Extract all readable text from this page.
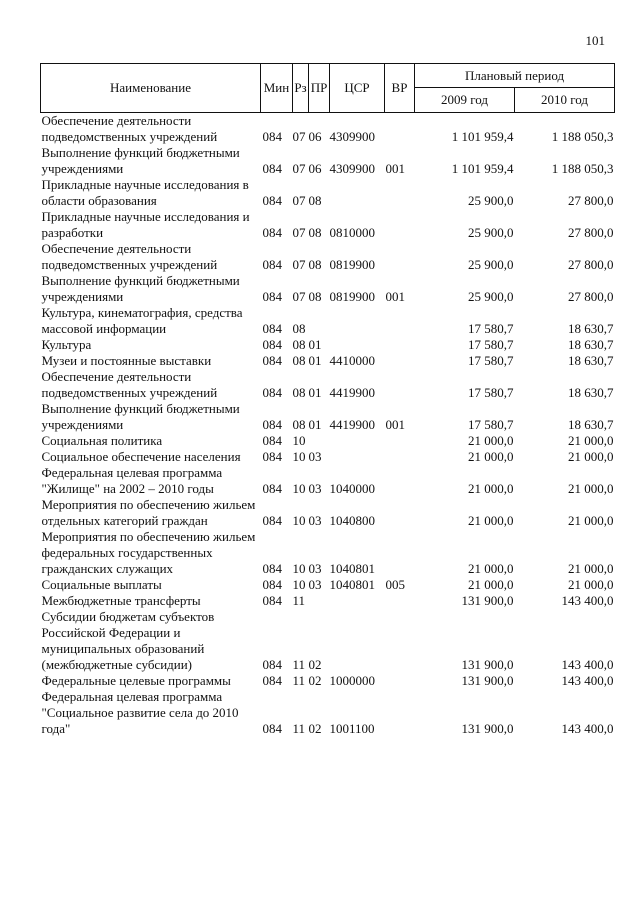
101
Наименование	Мин	Рз	ПР	ЦСР	ВР	Плановый период	
						2009 год	2010 год
Обеспечение деятельности подведомственных учреждений	084	07	06	4309900		1 101 959,4	1 188 050,3
Выполнение функций бюджетными учреждениями	084	07	06	4309900	001	1 101 959,4	1 188 050,3
Прикладные научные исследования в области образования	084	07	08			25 900,0	27 800,0
Прикладные научные исследования и разработки	084	07	08	0810000		25 900,0	27 800,0
Обеспечение деятельности подведомственных учреждений	084	07	08	0819900		25 900,0	27 800,0
Выполнение функций бюджетными учреждениями	084	07	08	0819900	001	25 900,0	27 800,0
Культура, кинематография, средства массовой информации	084	08				17 580,7	18 630,7
Культура	084	08	01			17 580,7	18 630,7
Музеи и постоянные выставки	084	08	01	4410000		17 580,7	18 630,7
Обеспечение деятельности подведомственных учреждений	084	08	01	4419900		17 580,7	18 630,7
Выполнение функций бюджетными учреждениями	084	08	01	4419900	001	17 580,7	18 630,7
Социальная политика	084	10				21 000,0	21 000,0
Социальное обеспечение населения	084	10	03			21 000,0	21 000,0
Федеральная целевая программа "Жилище" на 2002 – 2010 годы	084	10	03	1040000		21 000,0	21 000,0
Мероприятия по обеспечению жильем отдельных категорий граждан	084	10	03	1040800		21 000,0	21 000,0
Мероприятия по обеспечению жильем федеральных государственных гражданских служащих	084	10	03	1040801		21 000,0	21 000,0
Социальные выплаты	084	10	03	1040801	005	21 000,0	21 000,0
Межбюджетные трансферты	084	11				131 900,0	143 400,0
Субсидии бюджетам субъектов Российской Федерации и муниципальных образований (межбюджетные субсидии)	084	11	02			131 900,0	143 400,0
Федеральные целевые программы	084	11	02	1000000		131 900,0	143 400,0
Федеральная целевая программа "Социальное развитие села до 2010 года"	084	11	02	1001100		131 900,0	143 400,0
